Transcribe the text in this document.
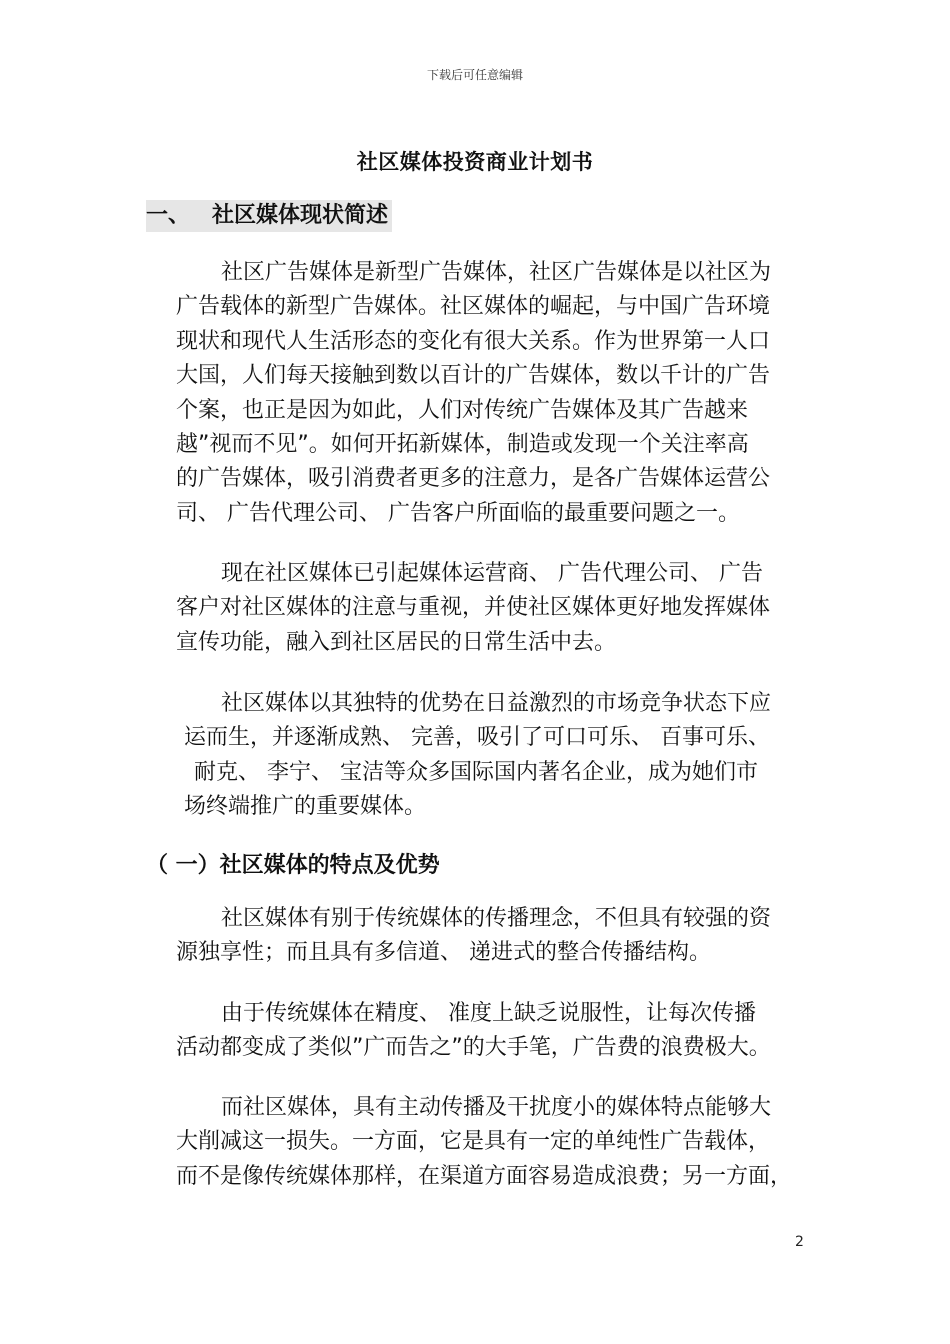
下载后可任意编辑
社区媒体投资商业计划书
一、 社区媒体现状简述
社区广告媒体是新型广告媒体，社区广告媒体是以社区为
广告载体的新型广告媒体。社区媒体的崛起，与中国广告环境
现状和现代人生活形态的变化有很大关系。作为世界第一人口
大国，人们每天接触到数以百计的广告媒体，数以千计的广告
个案，也正是因为如此，人们对传统广告媒体及其广告越来
越”视而不见”。如何开拓新媒体，制造或发现一个关注率高
的广告媒体，吸引消费者更多的注意力，是各广告媒体运营公
司、 广告代理公司、 广告客户所面临的最重要问题之一。
现在社区媒体已引起媒体运营商、 广告代理公司、 广告
客户对社区媒体的注意与重视，并使社区媒体更好地发挥媒体
宣传功能，融入到社区居民的日常生活中去。
社区媒体以其独特的优势在日益激烈的市场竞争状态下应
运而生，并逐渐成熟、 完善，吸引了可口可乐、 百事可乐、
耐克、 李宁、 宝洁等众多国际国内著名企业，成为她们市
场终端推广的重要媒体。
（ 一）社区媒体的特点及优势
社区媒体有别于传统媒体的传播理念，不但具有较强的资
源独享性；而且具有多信道、 递进式的整合传播结构。
由于传统媒体在精度、 准度上缺乏说服性，让每次传播
活动都变成了类似”广而告之”的大手笔，广告费的浪费极大。
而社区媒体，具有主动传播及干扰度小的媒体特点能够大
大削减这一损失。一方面，它是具有一定的单纯性广告载体，
而不是像传统媒体那样，在渠道方面容易造成浪费；另一方面，
2
